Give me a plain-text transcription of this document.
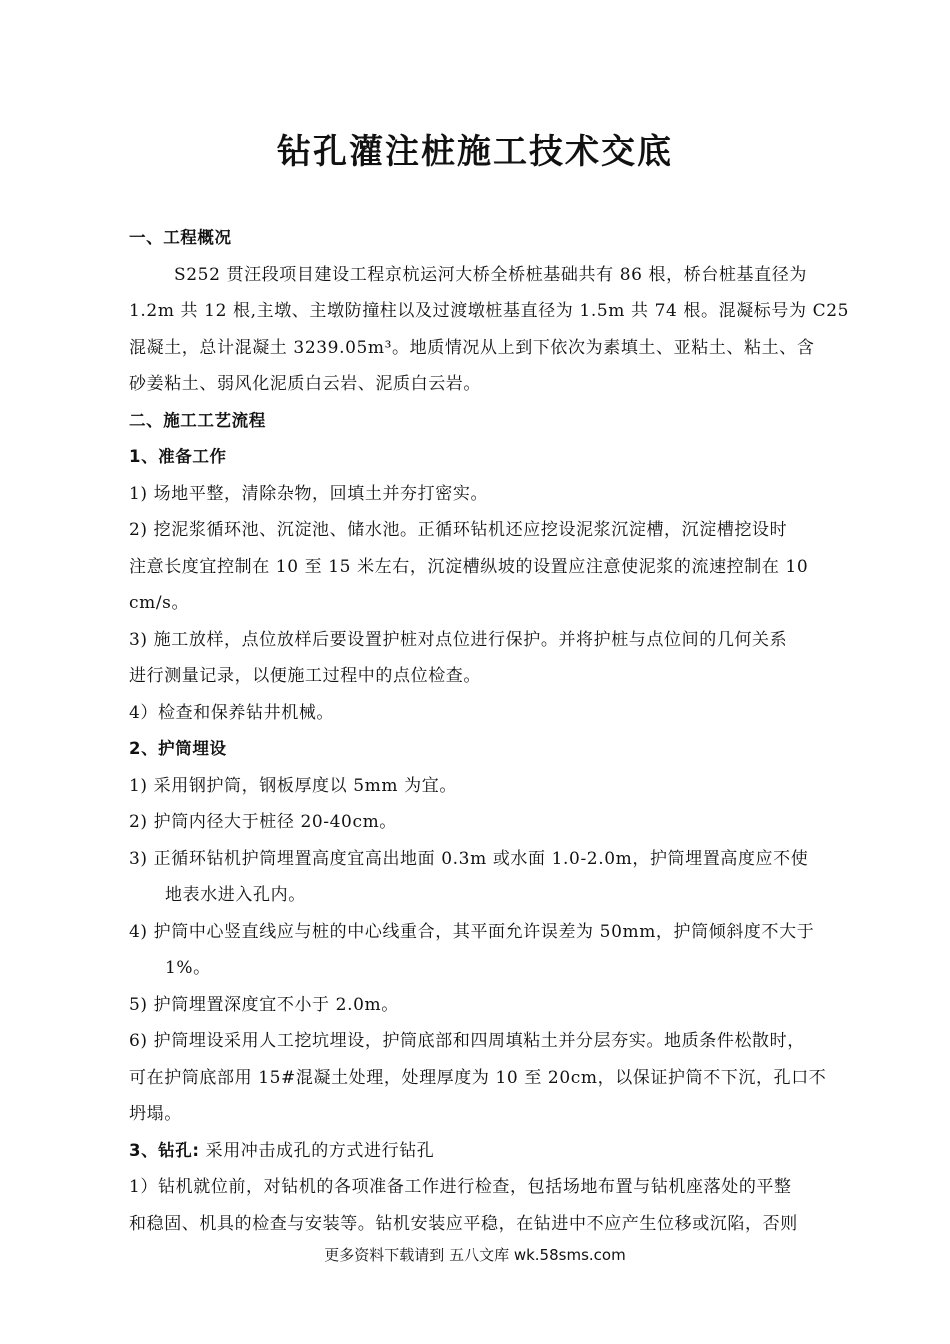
钻孔灌注桩施工技术交底
一、工程概况
S252 贯汪段项目建设工程京杭运河大桥全桥桩基础共有 86 根，桥台桩基直径为
1.2m 共 12 根,主墩、主墩防撞柱以及过渡墩桩基直径为 1.5m 共 74 根。混凝标号为 C25
混凝土，总计混凝土 3239.05m³。地质情况从上到下依次为素填土、亚粘土、粘土、含
砂姜粘土、弱风化泥质白云岩、泥质白云岩。
二、施工工艺流程
1、准备工作
1) 场地平整，清除杂物，回填土并夯打密实。
2) 挖泥浆循环池、沉淀池、储水池。正循环钻机还应挖设泥浆沉淀槽，沉淀槽挖设时
注意长度宜控制在 10 至 15 米左右，沉淀槽纵坡的设置应注意使泥浆的流速控制在 10
cm/s。
3) 施工放样，点位放样后要设置护桩对点位进行保护。并将护桩与点位间的几何关系
进行测量记录，以便施工过程中的点位检查。
4）检查和保养钻井机械。
2、护筒埋设
1) 采用钢护筒，钢板厚度以 5mm 为宜。
2) 护筒内径大于桩径 20-40cm。
3) 正循环钻机护筒埋置高度宜高出地面 0.3m 或水面 1.0-2.0m，护筒埋置高度应不使
地表水进入孔内。
4) 护筒中心竖直线应与桩的中心线重合，其平面允许误差为 50mm，护筒倾斜度不大于
1%。
5) 护筒埋置深度宜不小于 2.0m。
6) 护筒埋设采用人工挖坑埋设，护筒底部和四周填粘土并分层夯实。地质条件松散时，
可在护筒底部用 15#混凝土处理，处理厚度为 10 至 20cm，以保证护筒不下沉，孔口不
坍塌。
3、钻孔: 采用冲击成孔的方式进行钻孔
1）钻机就位前，对钻机的各项准备工作进行检查，包括场地布置与钻机座落处的平整
和稳固、机具的检查与安装等。钻机安装应平稳，在钻进中不应产生位移或沉陷，否则
更多资料下载请到 五八文库 wk.58sms.com
